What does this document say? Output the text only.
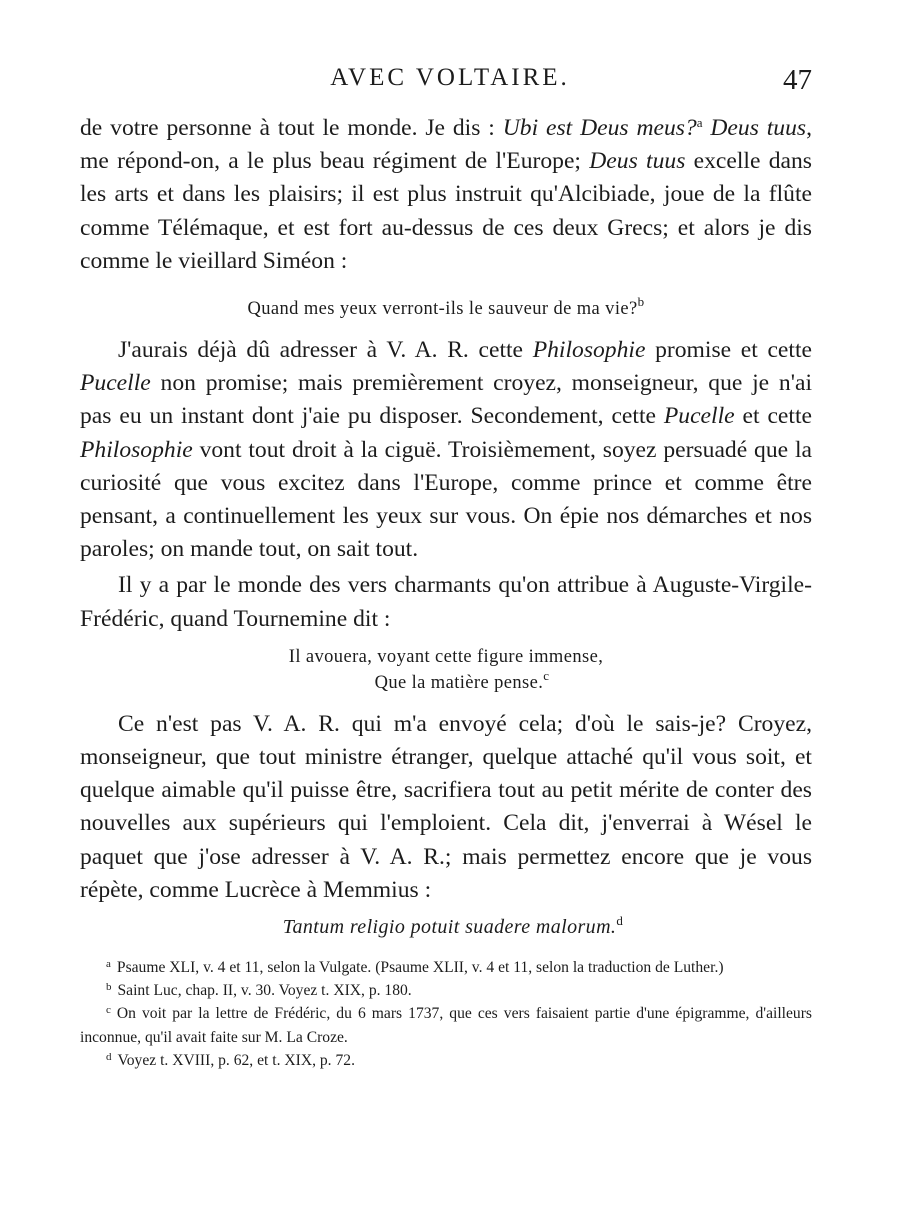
AVEC VOLTAIRE.	47

de votre personne à tout le monde. Je dis : Ubi est Deus meus?$^a$ Deus tuus, me répond-on, a le plus beau régiment de l'Europe; Deus tuus excelle dans les arts et dans les plaisirs; il est plus instruit qu'Alcibiade, joue de la flûte comme Télémaque, et est fort au-dessus de ces deux Grecs; et alors je dis comme le vieillard Siméon :

Quand mes yeux verront-ils le sauveur de ma vie?$^b$

J'aurais déjà dû adresser à V. A. R. cette Philosophie promise et cette Pucelle non promise; mais premièrement croyez, monseigneur, que je n'ai pas eu un instant dont j'aie pu disposer. Secondement, cette Pucelle et cette Philosophie vont tout droit à la ciguë. Troisièmement, soyez persuadé que la curiosité que vous excitez dans l'Europe, comme prince et comme être pensant, a continuellement les yeux sur vous. On épie nos démarches et nos paroles; on mande tout, on sait tout.

Il y a par le monde des vers charmants qu'on attribue à Auguste-Virgile-Frédéric, quand Tournemine dit :

Il avouera, voyant cette figure immense,

Que la matière pense.$^c$

Ce n'est pas V. A. R. qui m'a envoyé cela; d'où le sais-je? Croyez, monseigneur, que tout ministre étranger, quelque attaché qu'il vous soit, et quelque aimable qu'il puisse être, sacrifiera tout au petit mérite de conter des nouvelles aux supérieurs qui l'emploient. Cela dit, j'enverrai à Wésel le paquet que j'ose adresser à V. A. R.; mais permettez encore que je vous répète, comme Lucrèce à Memmius :

Tantum religio potuit suadere malorum.$^d$

$^a$ Psaume XLI, v. 4 et 11, selon la Vulgate. (Psaume XLII, v. 4 et 11, selon la traduction de Luther.)

$^b$ Saint Luc, chap. II, v. 30. Voyez t. XIX, p. 180.

$^c$ On voit par la lettre de Frédéric, du 6 mars 1737, que ces vers faisaient partie d'une épigramme, d'ailleurs inconnue, qu'il avait faite sur M. La Croze.

$^d$ Voyez t. XVIII, p. 62, et t. XIX, p. 72.
